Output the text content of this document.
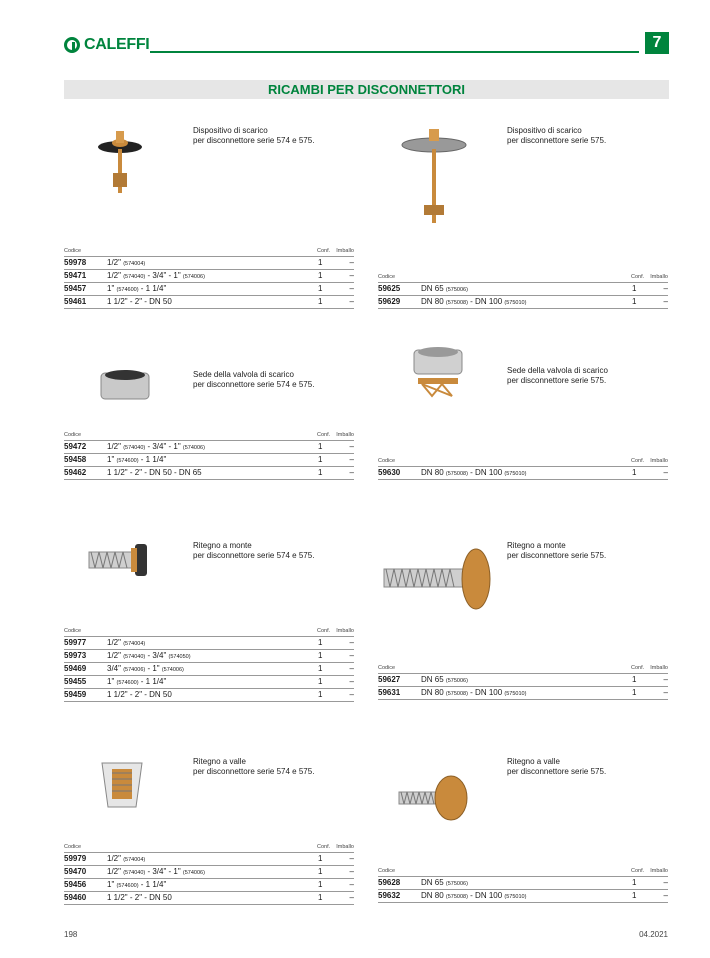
CALEFFI	7
RICAMBI PER DISCONNETTORI
Dispositivo di scarico
per disconnettore serie 574 e 575.
Dispositivo di scarico
per disconnettore serie 575.
Sede della valvola di scarico
per disconnettore serie 574 e 575.
Sede della valvola di scarico
per disconnettore serie 575.
Ritegno a monte
per disconnettore serie 574 e 575.
Ritegno a monte
per disconnettore serie 575.
Ritegno a valle
per disconnettore serie 574 e 575.
Ritegno a valle
per disconnettore serie 575.
Codice	Conf.	Imballo
59978	1/2" (574004)	1	–
59471	1/2" (574040) - 3/4" - 1" (574006)	1	–
59457	1" (574600) - 1 1/4"	1	–
59461	1 1/2" - 2" - DN 50	1	–
Codice	Conf.	Imballo
59625	DN 65 (575006)	1	–
59629	DN 80 (575008) - DN 100 (575010)	1	–
Codice	Conf.	Imballo
59472	1/2" (574040) - 3/4" - 1" (574006)	1	–
59458	1" (574600) - 1 1/4"	1	–
59462	1 1/2" - 2" - DN 50 - DN 65	1	–
Codice	Conf.	Imballo
59630	DN 80 (575008) - DN 100 (575010)	1	–
Codice	Conf.	Imballo
59977	1/2" (574004)	1	–
59973	1/2" (574040) - 3/4" (574050)	1	–
59469	3/4" (574006) - 1" (574006)	1	–
59455	1" (574600) - 1 1/4"	1	–
59459	1 1/2" - 2" - DN 50	1	–
Codice	Conf.	Imballo
59627	DN 65 (575006)	1	–
59631	DN 80 (575008) - DN 100 (575010)	1	–
Codice	Conf.	Imballo
59979	1/2" (574004)	1	–
59470	1/2" (574040) - 3/4" - 1" (574006)	1	–
59456	1" (574600) - 1 1/4"	1	–
59460	1 1/2" - 2" - DN 50	1	–
Codice	Conf.	Imballo
59628	DN 65 (575006)	1	–
59632	DN 80 (575008) - DN 100 (575010)	1	–
198	04.2021
